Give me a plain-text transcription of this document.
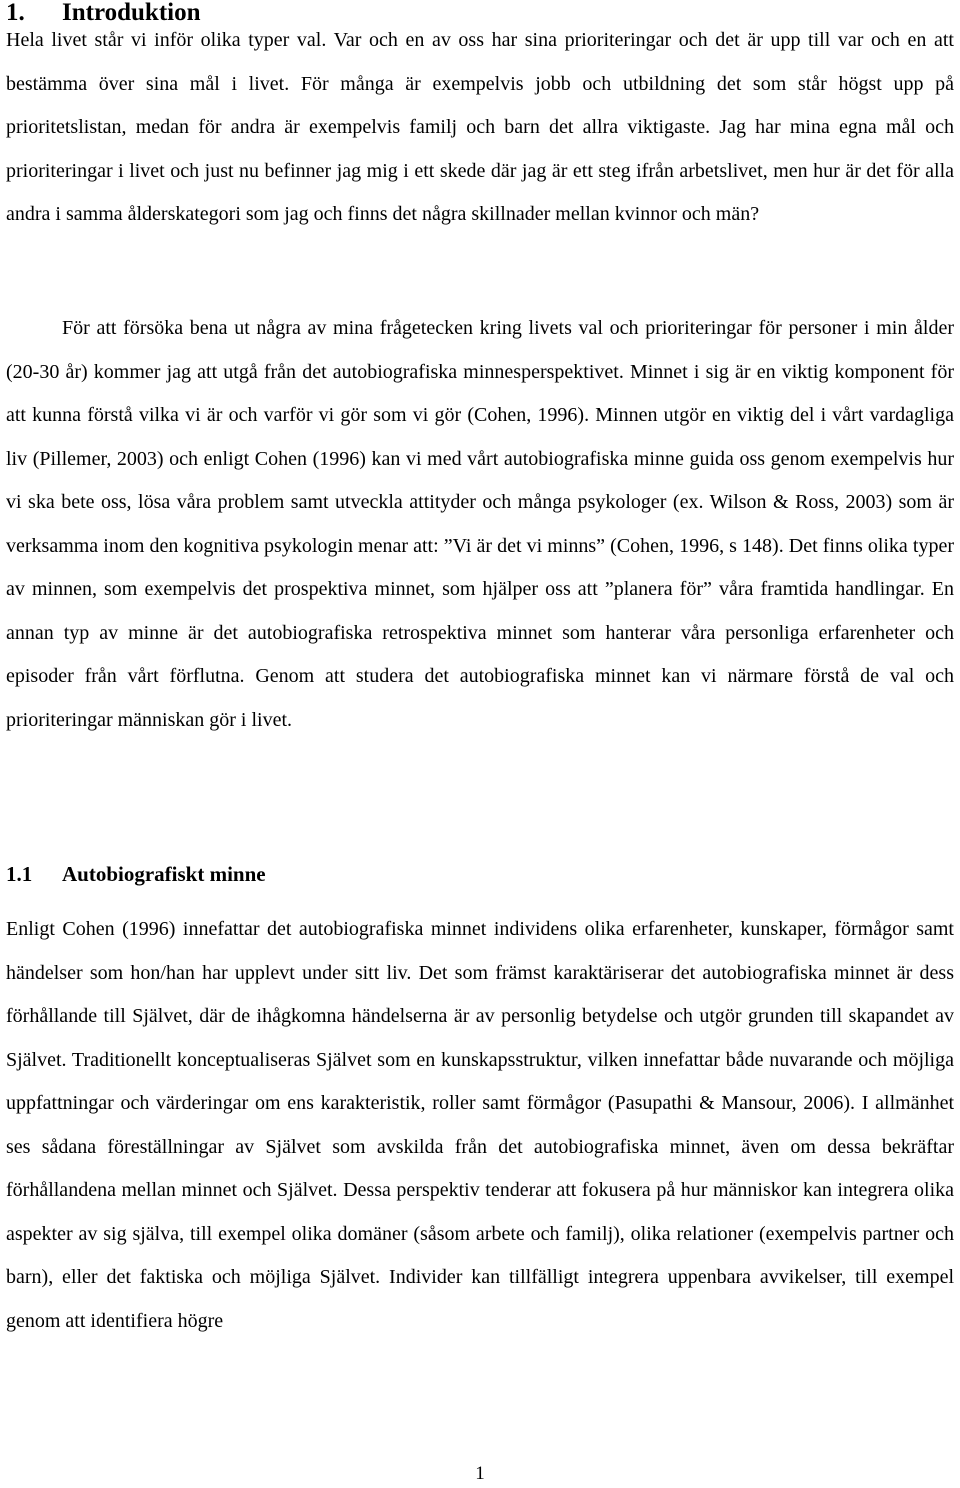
1. Introduktion

Hela livet står vi inför olika typer val. Var och en av oss har sina prioriteringar och det är upp till var och en att bestämma över sina mål i livet. För många är exempelvis jobb och utbildning det som står högst upp på prioritetslistan, medan för andra är exempelvis familj och barn det allra viktigaste. Jag har mina egna mål och prioriteringar i livet och just nu befinner jag mig i ett skede där jag är ett steg ifrån arbetslivet, men hur är det för alla andra i samma ålderskategori som jag och finns det några skillnader mellan kvinnor och män?

För att försöka bena ut några av mina frågetecken kring livets val och prioriteringar för personer i min ålder (20-30 år) kommer jag att utgå från det autobiografiska minnesperspektivet. Minnet i sig är en viktig komponent för att kunna förstå vilka vi är och varför vi gör som vi gör (Cohen, 1996). Minnen utgör en viktig del i vårt vardagliga liv (Pillemer, 2003) och enligt Cohen (1996) kan vi med vårt autobiografiska minne guida oss genom exempelvis hur vi ska bete oss, lösa våra problem samt utveckla attityder och många psykologer (ex. Wilson & Ross, 2003) som är verksamma inom den kognitiva psykologin menar att: ”Vi är det vi minns” (Cohen, 1996, s 148). Det finns olika typer av minnen, som exempelvis det prospektiva minnet, som hjälper oss att ”planera för” våra framtida handlingar. En annan typ av minne är det autobiografiska retrospektiva minnet som hanterar våra personliga erfarenheter och episoder från vårt förflutna. Genom att studera det autobiografiska minnet kan vi närmare förstå de val och prioriteringar människan gör i livet.

1.1 Autobiografiskt minne

Enligt Cohen (1996) innefattar det autobiografiska minnet individens olika erfarenheter, kunskaper, förmågor samt händelser som hon/han har upplevt under sitt liv. Det som främst karaktäriserar det autobiografiska minnet är dess förhållande till Självet, där de ihågkomna händelserna är av personlig betydelse och utgör grunden till skapandet av Självet. Traditionellt konceptualiseras Självet som en kunskapsstruktur, vilken innefattar både nuvarande och möjliga uppfattningar och värderingar om ens karakteristik, roller samt förmågor (Pasupathi & Mansour, 2006). I allmänhet ses sådana föreställningar av Självet som avskilda från det autobiografiska minnet, även om dessa bekräftar förhållandena mellan minnet och Självet. Dessa perspektiv tenderar att fokusera på hur människor kan integrera olika aspekter av sig själva, till exempel olika domäner (såsom arbete och familj), olika relationer (exempelvis partner och barn), eller det faktiska och möjliga Självet. Individer kan tillfälligt integrera uppenbara avvikelser, till exempel genom att identifiera högre

1
